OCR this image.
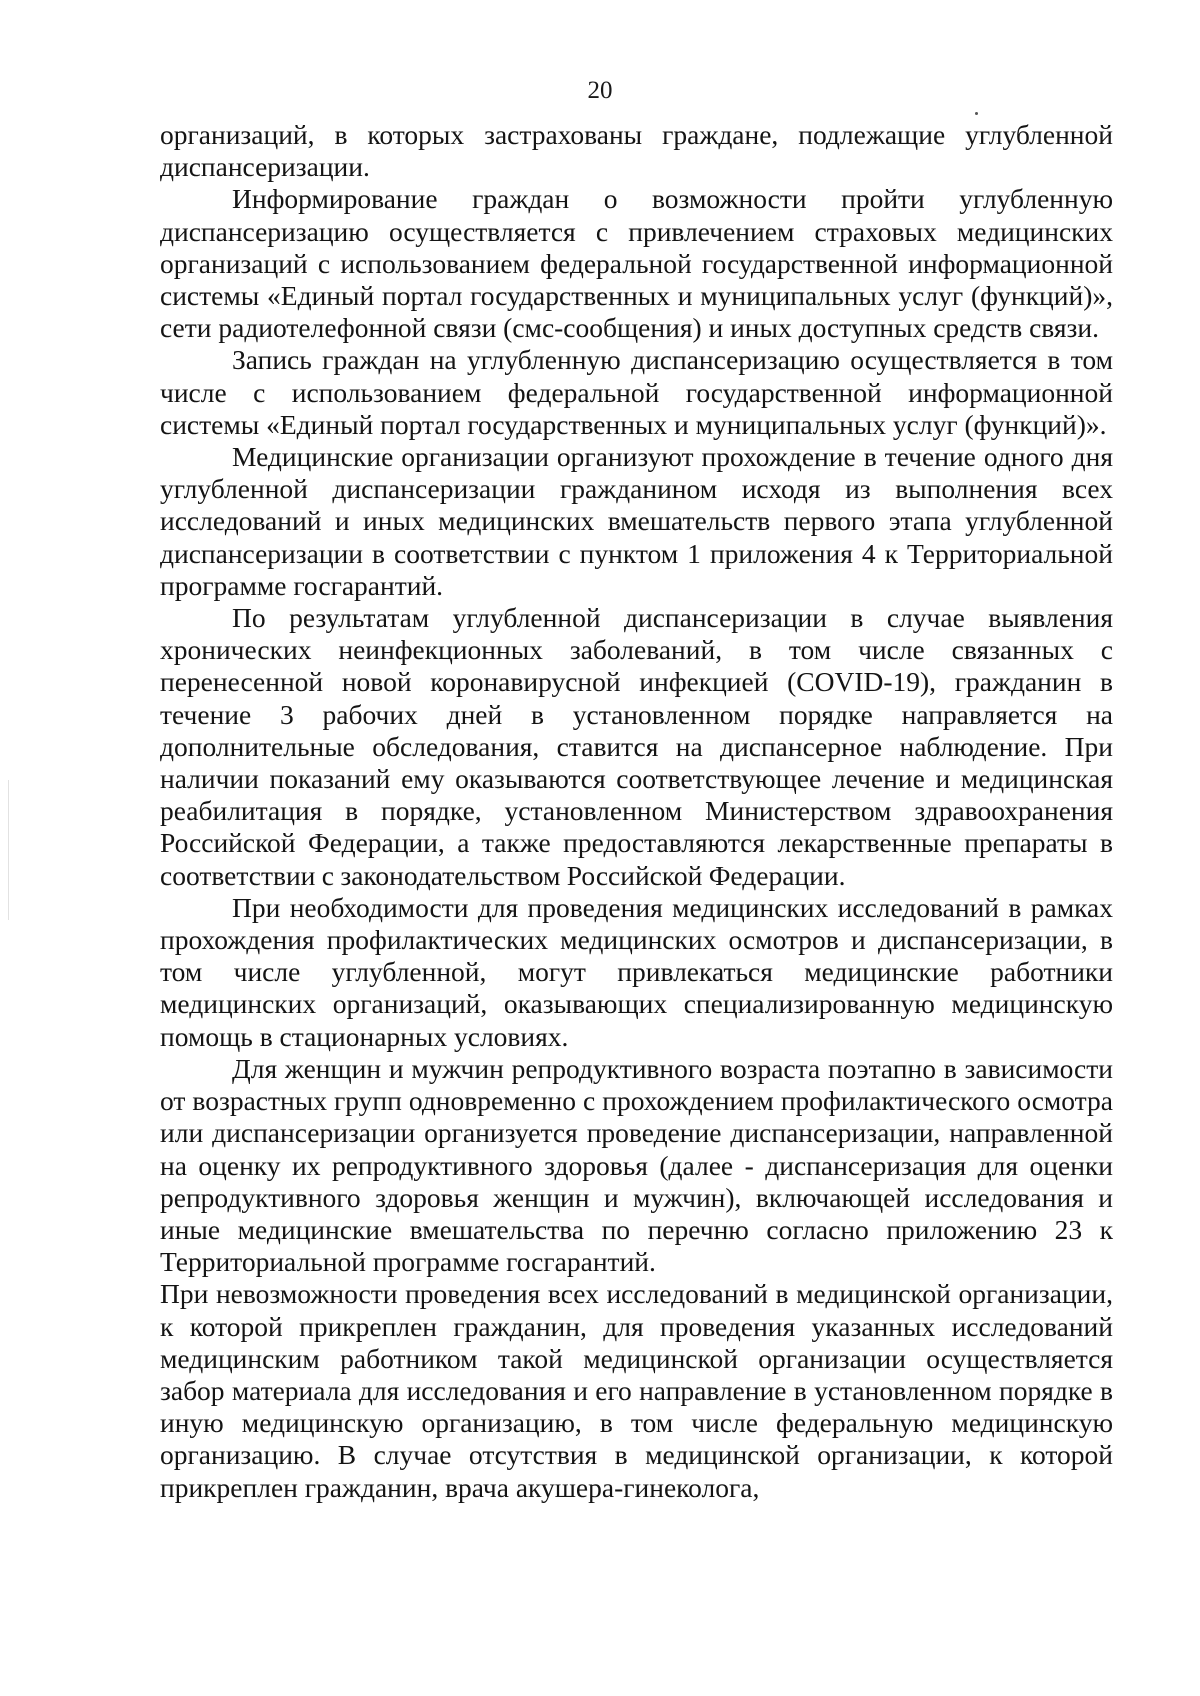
20

организаций, в которых застрахованы граждане, подлежащие углубленной диспансеризации.

Информирование граждан о возможности пройти углубленную диспансеризацию осуществляется с привлечением страховых медицинских организаций с использованием федеральной государственной информационной системы «Единый портал государственных и муниципальных услуг (функций)», сети радиотелефонной связи (смс-сообщения) и иных доступных средств связи.

Запись граждан на углубленную диспансеризацию осуществляется в том числе с использованием федеральной государственной информационной системы «Единый портал государственных и муниципальных услуг (функций)».

Медицинские организации организуют прохождение в течение одного дня углубленной диспансеризации гражданином исходя из выполнения всех исследований и иных медицинских вмешательств первого этапа углубленной диспансеризации в соответствии с пунктом 1 приложения 4 к Территориальной программе госгарантий.

По результатам углубленной диспансеризации в случае выявления хронических неинфекционных заболеваний, в том числе связанных с перенесенной новой коронавирусной инфекцией (COVID-19), гражданин в течение 3 рабочих дней в установленном порядке направляется на дополнительные обследования, ставится на диспансерное наблюдение. При наличии показаний ему оказываются соответствующее лечение и медицинская реабилитация в порядке, установленном Министерством здравоохранения Российской Федерации, а также предоставляются лекарственные препараты в соответствии с законодательством Российской Федерации.

При необходимости для проведения медицинских исследований в рамках прохождения профилактических медицинских осмотров и диспансеризации, в том числе углубленной, могут привлекаться медицинские работники медицинских организаций, оказывающих специализированную медицинскую помощь в стационарных условиях.

Для женщин и мужчин репродуктивного возраста поэтапно в зависимости от возрастных групп одновременно с прохождением профилактического осмотра или диспансеризации организуется проведение диспансеризации, направленной на оценку их репродуктивного здоровья (далее - диспансеризация для оценки репродуктивного здоровья женщин и мужчин), включающей исследования и иные медицинские вмешательства по перечню согласно приложению 23 к Территориальной программе госгарантий.

При невозможности проведения всех исследований в медицинской организации, к которой прикреплен гражданин, для проведения указанных исследований медицинским работником такой медицинской организации осуществляется забор материала для исследования и его направление в установленном порядке в иную медицинскую организацию, в том числе федеральную медицинскую организацию. В случае отсутствия в медицинской организации, к которой прикреплен гражданин, врача акушера-гинеколога,
